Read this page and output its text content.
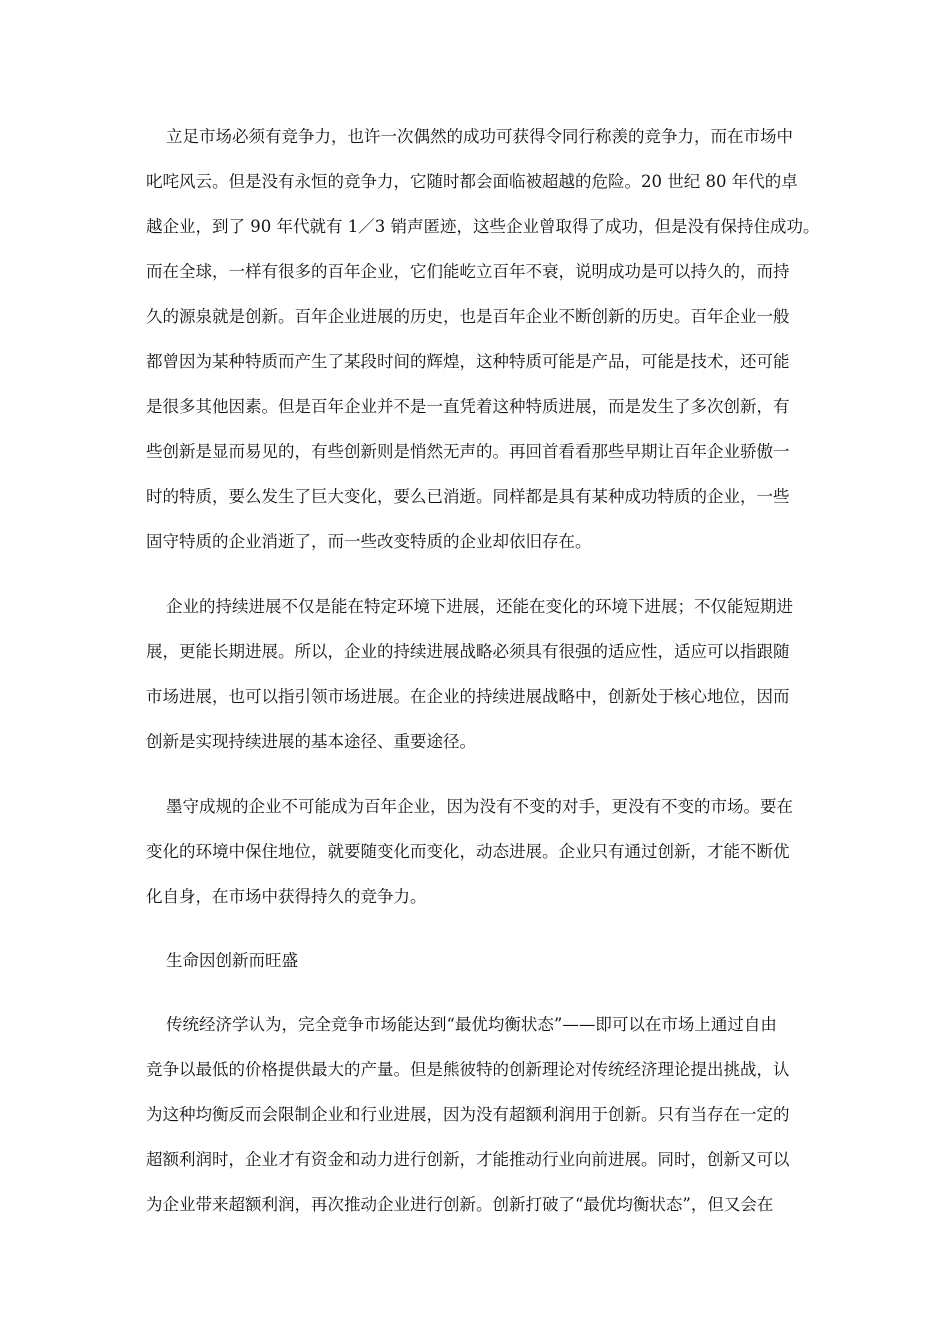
立足市场必须有竞争力，也许一次偶然的成功可获得令同行称羡的竞争力，而在市场中

叱咤风云。但是没有永恒的竞争力，它随时都会面临被超越的危险。20 世纪 80 年代的卓

越企业，到了 90 年代就有 1／3 销声匿迹，这些企业曾取得了成功，但是没有保持住成功。

而在全球，一样有很多的百年企业，它们能屹立百年不衰，说明成功是可以持久的，而持

久的源泉就是创新。百年企业进展的历史，也是百年企业不断创新的历史。百年企业一般

都曾因为某种特质而产生了某段时间的辉煌，这种特质可能是产品，可能是技术，还可能

是很多其他因素。但是百年企业并不是一直凭着这种特质进展，而是发生了多次创新，有

些创新是显而易见的，有些创新则是悄然无声的。再回首看看那些早期让百年企业骄傲一

时的特质，要么发生了巨大变化，要么已消逝。同样都是具有某种成功特质的企业，一些

固守特质的企业消逝了，而一些改变特质的企业却依旧存在。

企业的持续进展不仅是能在特定环境下进展，还能在变化的环境下进展；不仅能短期进

展，更能长期进展。所以，企业的持续进展战略必须具有很强的适应性，适应可以指跟随

市场进展，也可以指引领市场进展。在企业的持续进展战略中，创新处于核心地位，因而

创新是实现持续进展的基本途径、重要途径。

墨守成规的企业不可能成为百年企业，因为没有不变的对手，更没有不变的市场。要在

变化的环境中保住地位，就要随变化而变化，动态进展。企业只有通过创新，才能不断优

化自身，在市场中获得持久的竞争力。

生命因创新而旺盛

传统经济学认为，完全竞争市场能达到“最优均衡状态”——即可以在市场上通过自由

竞争以最低的价格提供最大的产量。但是熊彼特的创新理论对传统经济理论提出挑战，认

为这种均衡反而会限制企业和行业进展，因为没有超额利润用于创新。只有当存在一定的

超额利润时，企业才有资金和动力进行创新，才能推动行业向前进展。同时，创新又可以

为企业带来超额利润，再次推动企业进行创新。创新打破了“最优均衡状态”，但又会在
